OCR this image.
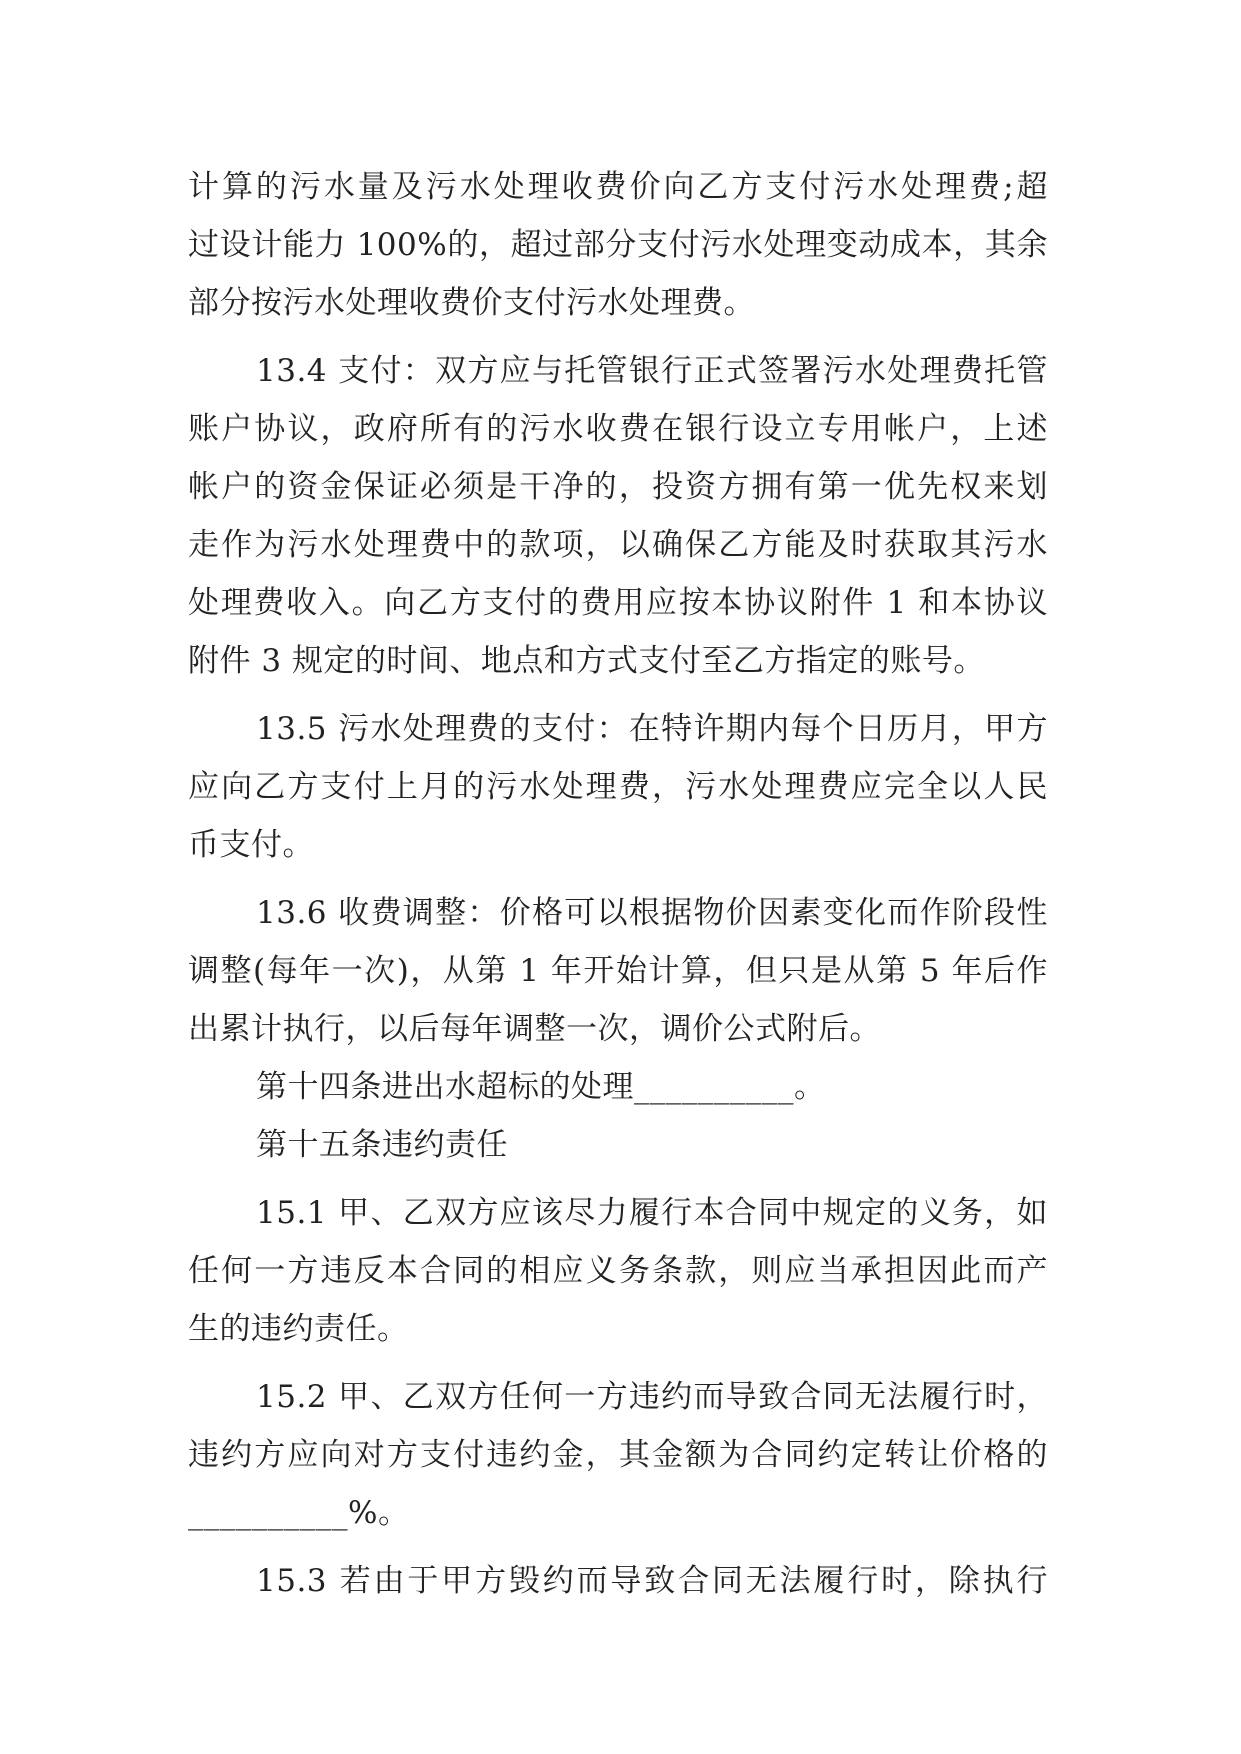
计算的污水量及污水处理收费价向乙方支付污水处理费;超
过设计能力 100%的，超过部分支付污水处理变动成本，其余
部分按污水处理收费价支付污水处理费。
13.4 支付：双方应与托管银行正式签署污水处理费托管
账户协议，政府所有的污水收费在银行设立专用帐户，上述
帐户的资金保证必须是干净的，投资方拥有第一优先权来划
走作为污水处理费中的款项，以确保乙方能及时获取其污水
处理费收入。向乙方支付的费用应按本协议附件 1 和本协议
附件 3 规定的时间、地点和方式支付至乙方指定的账号。
13.5 污水处理费的支付：在特许期内每个日历月，甲方
应向乙方支付上月的污水处理费，污水处理费应完全以人民
币支付。
13.6 收费调整：价格可以根据物价因素变化而作阶段性
调整(每年一次)，从第 1 年开始计算，但只是从第 5 年后作
出累计执行，以后每年调整一次，调价公式附后。
第十四条进出水超标的处理__________。
第十五条违约责任
15.1 甲、乙双方应该尽力履行本合同中规定的义务，如
任何一方违反本合同的相应义务条款，则应当承担因此而产
生的违约责任。
15.2 甲、乙双方任何一方违约而导致合同无法履行时，
违约方应向对方支付违约金，其金额为合同约定转让价格的
__________%。
15.3 若由于甲方毁约而导致合同无法履行时，除执行
